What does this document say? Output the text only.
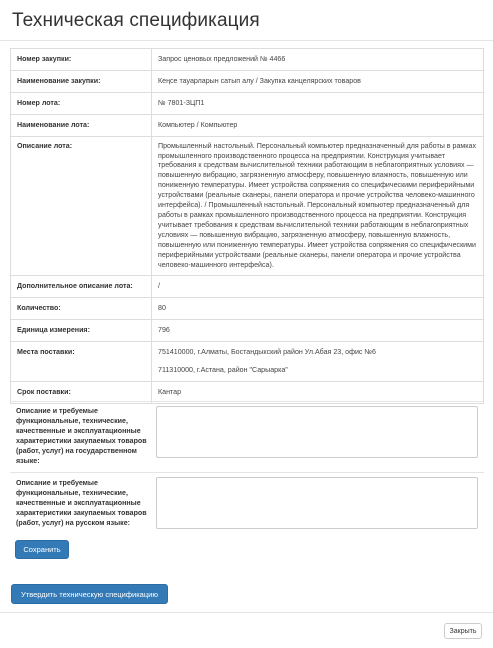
Техническая спецификация
Номер закупки:	Запрос ценовых предложений № 4466
Наименование закупки:	Кеңсе тауарларын сатып алу / Закупка канцелярских товаров
Номер лота:	№ 7801-ЗЦП1
Наименование лота:	Компьютер / Компьютер
Описание лота:	Промышленный настольный. Персональный компьютер предназначенный для работы в рамках промышленного производственного процесса на предприятии. Конструкция учитывает требования к средствам вычислительной техники работающим в неблагоприятных условиях — повышенную вибрацию, загрязненную атмосферу, повышенную влажность, повышенную или пониженную температуры. Имеет устройства сопряжения со специфическими периферийными устройствами (реальные сканеры, панели оператора и прочие устройства человеко-машинного интерфейса). / Промышленный настольный. Персональный компьютер предназначенный для работы в рамках промышленного производственного процесса на предприятии. Конструкция учитывает требования к средствам вычислительной техники работающим в неблагоприятных условиях — повышенную вибрацию, загрязненную атмосферу, повышенную влажность, повышенную или пониженную температуры. Имеет устройства сопряжения со специфическими периферийными устройствами (реальные сканеры, панели оператора и прочие устройства человеко-машинного интерфейса).
Дополнительное описание лота:	/
Количество:	80
Единица измерения:	796
Места поставки:	751410000, г.Алматы, Бостандыкский район Ул.Абая 23, офис №6
711310000, г.Астана, район "Сарыарка"

Срок поставки:	Кантар
Описание и требуемые функциональные, технические, качественные и эксплуатационные характеристики закупаемых товаров (работ, услуг) на государственном языке:
Описание и требуемые функциональные, технические, качественные и эксплуатационные характеристики закупаемых товаров (работ, услуг) на русском языке:
Сохранить
Утвердить техническую спецификацию
Закрыть
